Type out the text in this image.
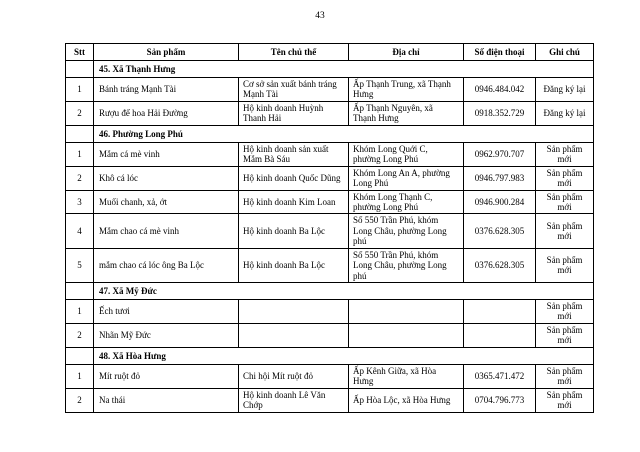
43
Stt	Sản phẩm	Tên chủ thể	Địa chỉ	Số điện thoại	Ghi chú
	45. Xã Thạnh Hưng				
1	Bánh tráng Mạnh Tài	Cơ sở sản xuất bánh tráng Mạnh Tài	Ấp Thạnh Trung, xã Thạnh Hưng	0946.484.042	Đăng ký lại
2	Rượu đế hoa Hải Đường	Hộ kinh doanh Huỳnh Thanh Hải	Ấp Thạnh Nguyên, xã Thạnh Hưng	0918.352.729	Đăng ký lại
	46. Phường Long Phú				
1	Mắm cá mè vinh	Hộ kinh doanh sản xuất Mắm Bà Sáu	Khóm Long Quới C, phường Long Phú	0962.970.707	Sản phẩm mới
2	Khô cá lóc	Hộ kinh doanh Quốc Dũng	Khóm Long An A, phường Long Phú	0946.797.983	Sản phẩm mới
3	Muối chanh, xả, ớt	Hộ kinh doanh Kim Loan	Khóm Long Thạnh C, phường Long Phú	0946.900.284	Sản phẩm mới
4	Mắm chao cá mè vinh	Hộ kinh doanh Ba Lộc	Số 550 Trần Phú, khóm Long Châu, phường Long phú	0376.628.305	Sản phẩm mới
5	mắm chao cá lóc ông Ba Lộc	Hộ kinh doanh Ba Lộc	Số 550 Trần Phú, khóm Long Châu, phường Long phú	0376.628.305	Sản phẩm mới
	47. Xã Mỹ Đức				
1	Ếch tươi				Sản phẩm mới
2	Nhãn Mỹ Đức				Sản phẩm mới
	48. Xã Hòa Hưng				
1	Mít ruột đỏ	Chi hội Mít ruột đỏ	Ấp Kênh Giữa, xã Hòa Hưng	0365.471.472	Sản phẩm mới
2	Na thái	Hộ kinh doanh Lê Văn Chớp	Ấp Hòa Lộc, xã Hòa Hưng	0704.796.773	Sản phẩm mới
